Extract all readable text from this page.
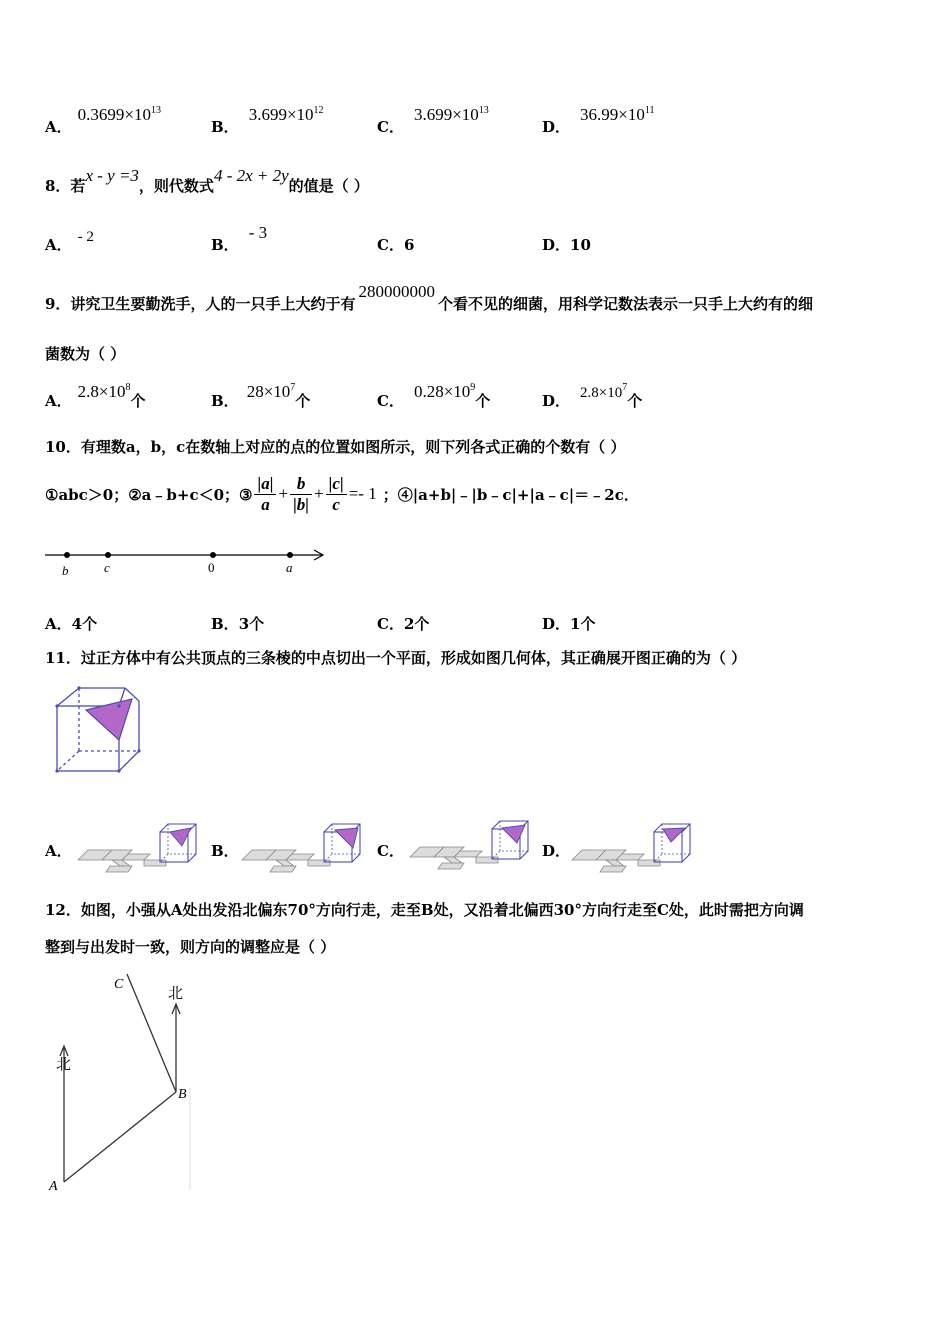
A．$0.3699\times 10^{13}$
B．$3.699\times 10^{12}$
C．$3.699\times 10^{13}$
D．$36.99\times 10^{11}$
8．若x - y =3，则代数式4 - 2x + 2y的值是（ ）
A． - 2	B．- 3
C．6	D．10
9．讲究卫生要勤洗手，人的一只手上大约于有280000000个看不见的细菌，用科学记数法表示一只手上大约有的细
菌数为（ ）
A． $2.8\times 10^8$个	B． $28\times 10^7$个	C． $0.28\times 10^9$个	D． $2.8\times 10^7$个
10．有理数a，b，c在数轴上对应的点的位置如图所示，则下列各式正确的个数有（ ）
①abc＞0；②a﹣b+c＜0；③ $\frac{|a|}{a} + \frac{b}{|b|} + \frac{|c|}{c} =- 1$ ；④|a+b|﹣|b﹣c|+|a﹣c|＝﹣2c．
b	c	0	a
A．4个	B．3个	C．2个	D．1个
11．过正方体中有公共顶点的三条棱的中点切出一个平面，形成如图几何体，其正确展开图正确的为（ ）
A．	B．	C．	D．
12．如图，小强从A处出发沿北偏东70°方向行走，走至B处，又沿着北偏西30°方向行走至C处，此时需把方向调
整到与出发时一致，则方向的调整应是（ ）
北
北
A
B
C
